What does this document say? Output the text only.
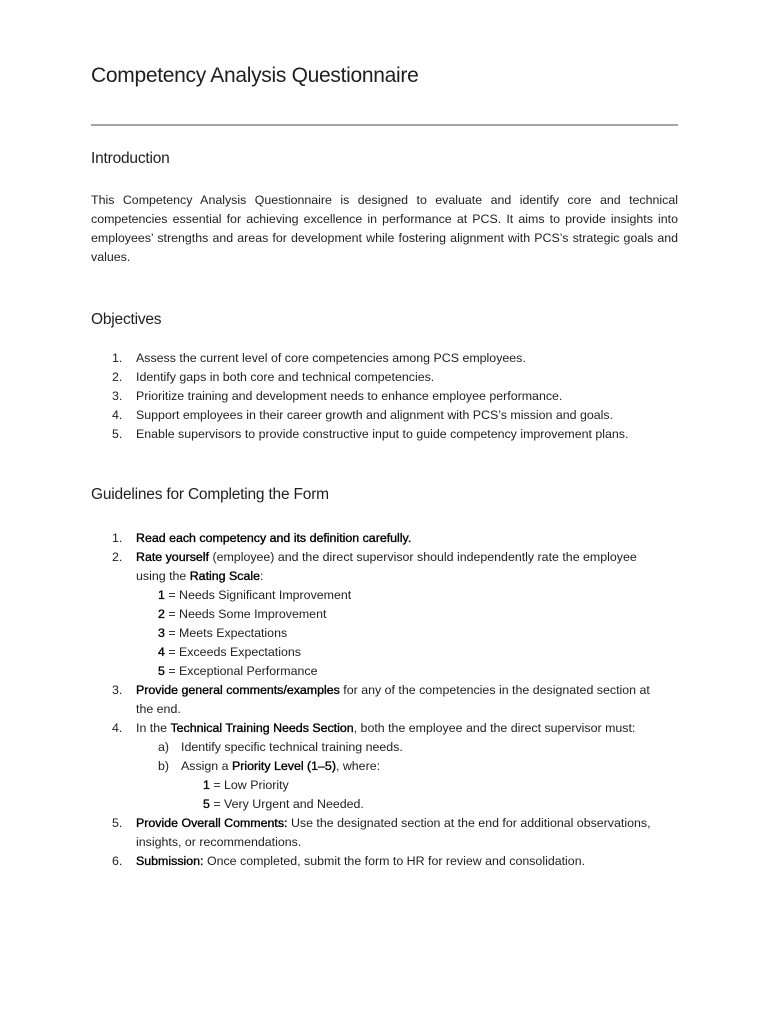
Competency Analysis Questionnaire
Introduction

This Competency Analysis Questionnaire is designed to evaluate and identify core and technical competencies essential for achieving excellence in performance at PCS. It aims to provide insights into employees’ strengths and areas for development while fostering alignment with PCS’s strategic goals and values.

Objectives
1.	Assess the current level of core competencies among PCS employees.
2.	Identify gaps in both core and technical competencies.
3.	Prioritize training and development needs to enhance employee performance.
4.	Support employees in their career growth and alignment with PCS’s mission and goals.
5.	Enable supervisors to provide constructive input to guide competency improvement plans.
Guidelines for Completing the Form
1.	Read each competency and its definition carefully.
2.	Rate yourself (employee) and the direct supervisor should independently rate the employee using the Rating Scale:
1 = Needs Significant Improvement
2 = Needs Some Improvement
3 = Meets Expectations
4 = Exceeds Expectations
5 = Exceptional Performance
3.	Provide general comments/examples for any of the competencies in the designated section at the end.
4.	In the Technical Training Needs Section, both the employee and the direct supervisor must:
a) Identify specific technical training needs.
b) Assign a Priority Level (1–5), where:
1 = Low Priority
5 = Very Urgent and Needed.
5.	Provide Overall Comments: Use the designated section at the end for additional observations, insights, or recommendations.
6.	Submission: Once completed, submit the form to HR for review and consolidation.
